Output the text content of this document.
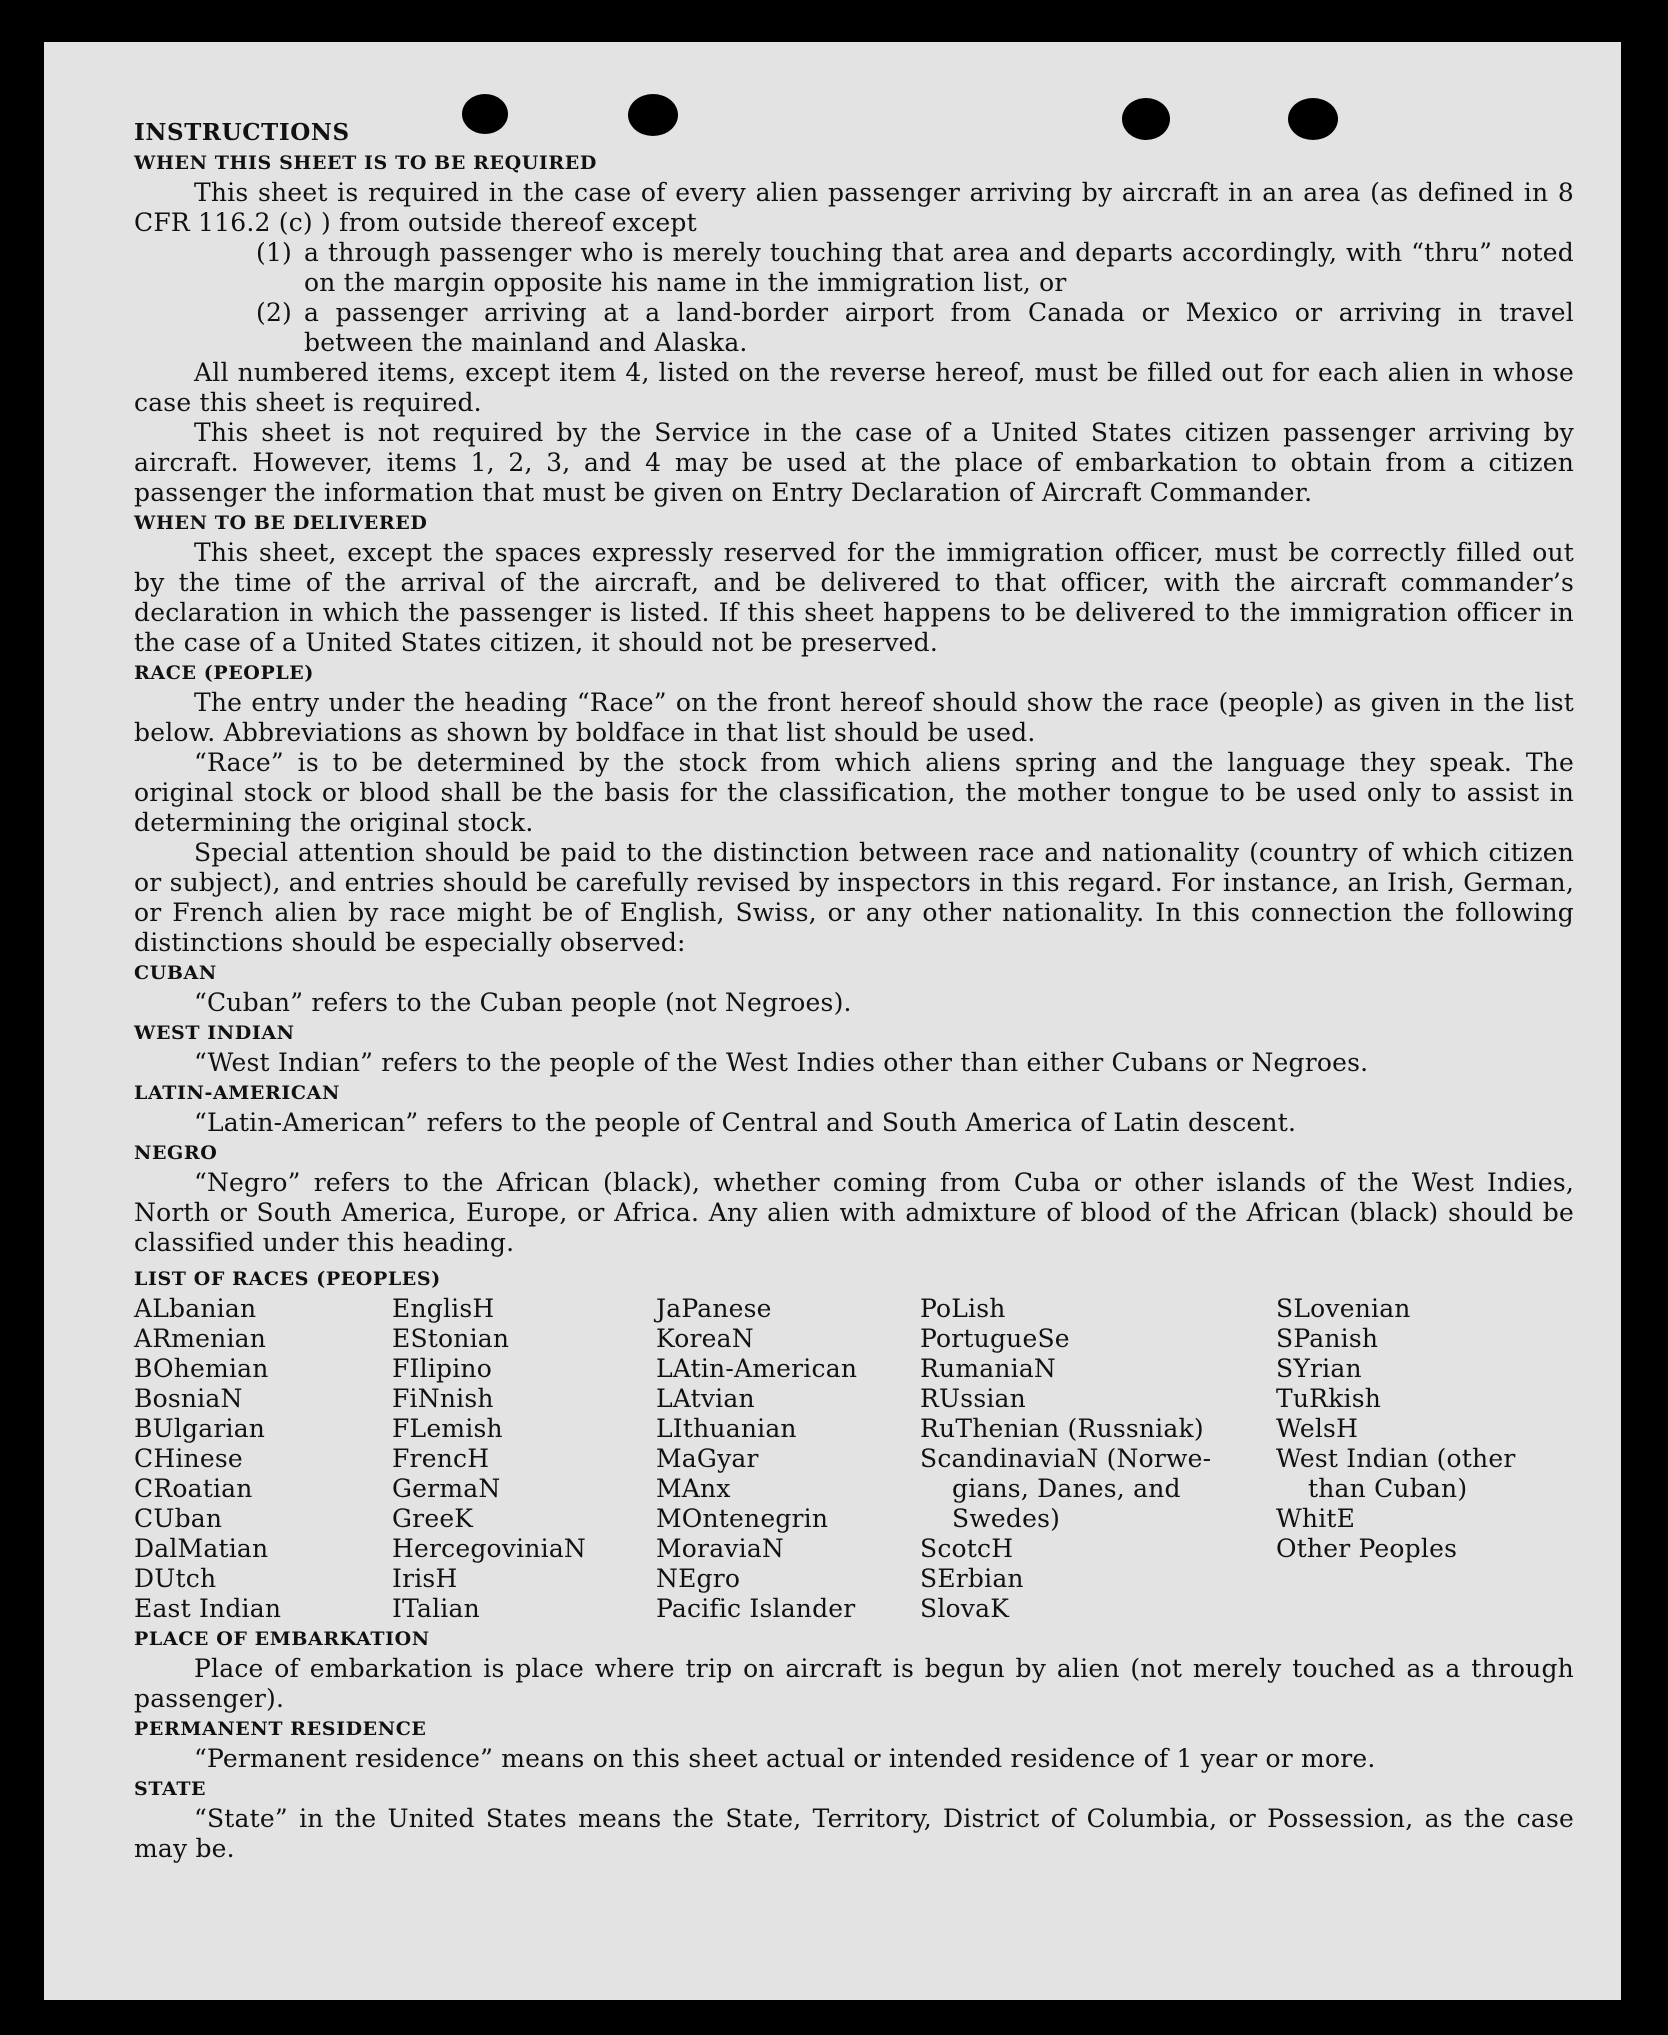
INSTRUCTIONS

WHEN THIS SHEET IS TO BE REQUIRED

This sheet is required in the case of every alien passenger arriving by aircraft in an area (as defined in 8 CFR 116.2 (c) ) from outside thereof except

(1) a through passenger who is merely touching that area and departs accordingly, with “thru” noted on the margin opposite his name in the immigration list, or
(2) a passenger arriving at a land-border airport from Canada or Mexico or arriving in travel between the mainland and Alaska.

All numbered items, except item 4, listed on the reverse hereof, must be filled out for each alien in whose case this sheet is required.

This sheet is not required by the Service in the case of a United States citizen passenger arriving by aircraft. However, items 1, 2, 3, and 4 may be used at the place of embarkation to obtain from a citizen passenger the information that must be given on Entry Declaration of Aircraft Commander.

WHEN TO BE DELIVERED

This sheet, except the spaces expressly reserved for the immigration officer, must be correctly filled out by the time of the arrival of the aircraft, and be delivered to that officer, with the aircraft commander’s declaration in which the passenger is listed. If this sheet happens to be delivered to the immigration officer in the case of a United States citizen, it should not be preserved.

RACE (PEOPLE)

The entry under the heading “Race” on the front hereof should show the race (people) as given in the list below. Abbreviations as shown by boldface in that list should be used.

“Race” is to be determined by the stock from which aliens spring and the language they speak. The original stock or blood shall be the basis for the classification, the mother tongue to be used only to assist in determining the original stock.

Special attention should be paid to the distinction between race and nationality (country of which citizen or subject), and entries should be carefully revised by inspectors in this regard. For instance, an Irish, German, or French alien by race might be of English, Swiss, or any other nationality. In this connection the following distinctions should be especially observed:

CUBAN

“Cuban” refers to the Cuban people (not Negroes).

WEST INDIAN

“West Indian” refers to the people of the West Indies other than either Cubans or Negroes.

LATIN-AMERICAN

“Latin-American” refers to the people of Central and South America of Latin descent.

NEGRO

“Negro” refers to the African (black), whether coming from Cuba or other islands of the West Indies, North or South America, Europe, or Africa. Any alien with admixture of blood of the African (black) should be classified under this heading.

LIST OF RACES (PEOPLES)

ALbanian
ARmenian
BOhemian
BosniaN
BUlgarian
CHinese
CRoatian
CUban
DalMatian
DUtch
East Indian
EnglisH
EStonian
FIlipino
FiNnish
FLemish
FrencH
GermaN
GreeK
HercegoviniaN
IrisH
ITalian
JaPanese
KoreaN
LAtin-American
LAtvian
LIthuanian
MaGyar
MAnx
MOntenegrin
MoraviaN
NEgro
Pacific Islander
PoLish
PortugueSe
RumaniaN
RUssian
RuThenian (Russniak)
ScandinaviaN (Norwe-
gians, Danes, and
Swedes)
ScotcH
SErbian
SlovaK
SLovenian
SPanish
SYrian
TuRkish
WelsH
West Indian (other
than Cuban)
WhitE
Other Peoples

PLACE OF EMBARKATION

Place of embarkation is place where trip on aircraft is begun by alien (not merely touched as a through passenger).

PERMANENT RESIDENCE

“Permanent residence” means on this sheet actual or intended residence of 1 year or more.

STATE

“State” in the United States means the State, Territory, District of Columbia, or Possession, as the case may be.
